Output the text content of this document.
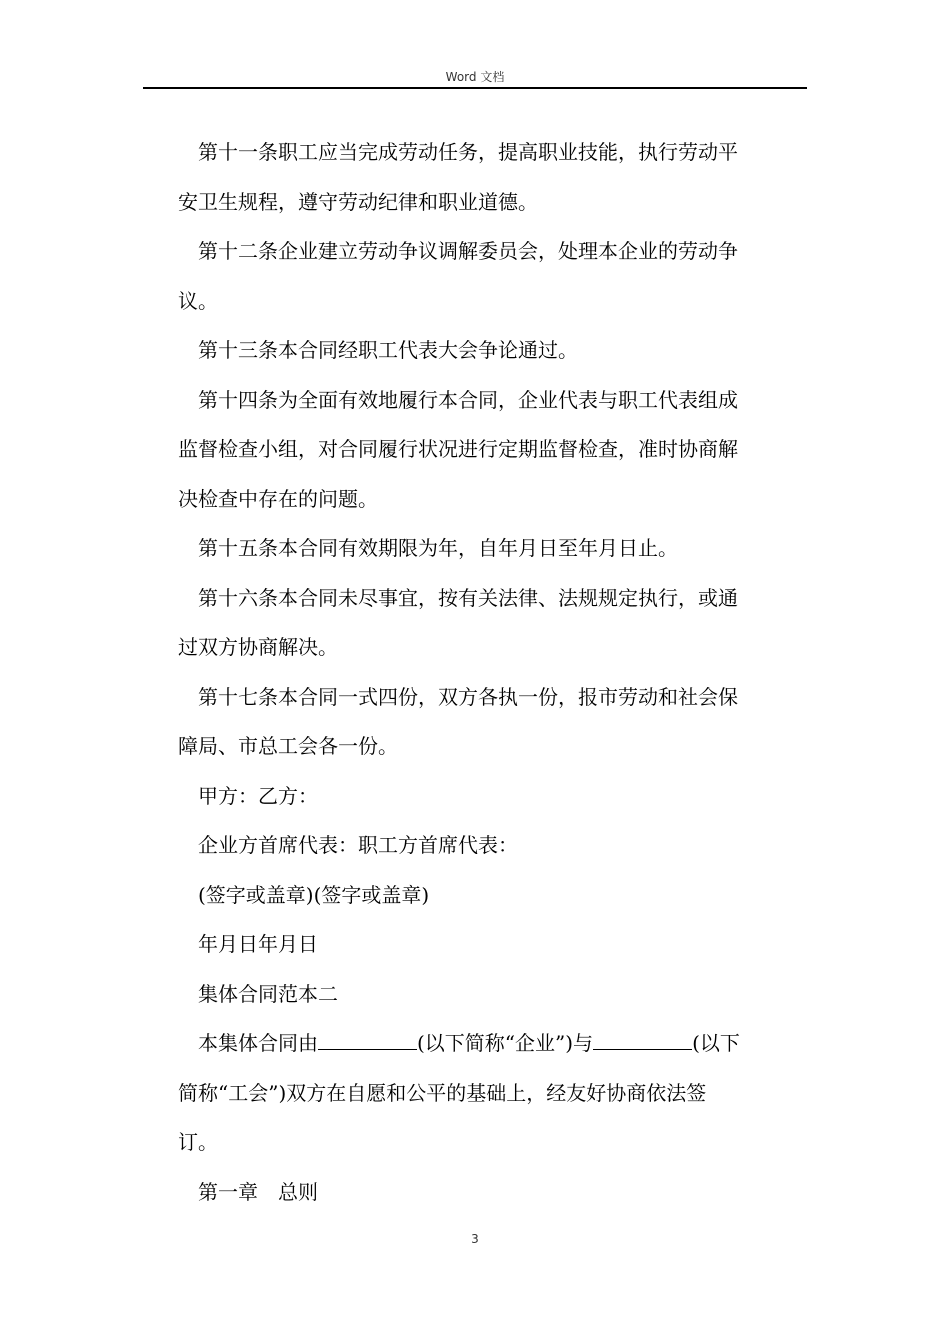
Word 文档

第十一条职工应当完成劳动任务，提高职业技能，执行劳动平
安卫生规程，遵守劳动纪律和职业道德。

第十二条企业建立劳动争议调解委员会，处理本企业的劳动争
议。

第十三条本合同经职工代表大会争论通过。

第十四条为全面有效地履行本合同，企业代表与职工代表组成
监督检查小组，对合同履行状况进行定期监督检查，准时协商解
决检查中存在的问题。

第十五条本合同有效期限为年，自年月日至年月日止。

第十六条本合同未尽事宜，按有关法律、法规规定执行，或通
过双方协商解决。

第十七条本合同一式四份，双方各执一份，报市劳动和社会保
障局、市总工会各一份。

甲方：乙方：

企业方首席代表：职工方首席代表：

(签字或盖章)(签字或盖章)

年月日年月日

集体合同范本二

本集体合同由	(以下简称“企业”)与	(以下
简称“工会”)双方在自愿和公平的基础上，经友好协商依法签
订。

第一章　总则

3
